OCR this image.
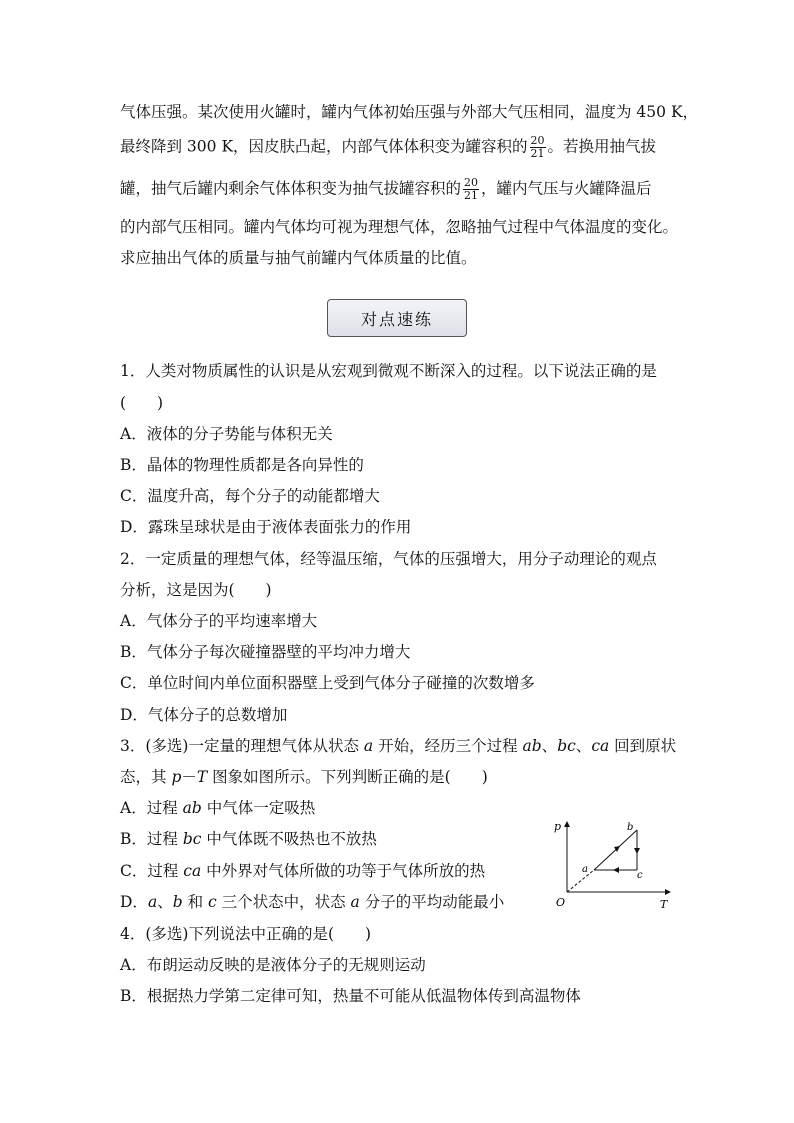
气体压强。某次使用火罐时，罐内气体初始压强与外部大气压相同，温度为 450 K，
最终降到 300 K，因皮肤凸起，内部气体体积变为罐容积的 $\frac{20}{21}$ 。若换用抽气拔
罐，抽气后罐内剩余气体体积变为抽气拔罐容积的 $\frac{20}{21}$ ，罐内气压与火罐降温后
的内部气压相同。罐内气体均可视为理想气体，忽略抽气过程中气体温度的变化。
求应抽出气体的质量与抽气前罐内气体质量的比值。
1．人类对物质属性的认识是从宏观到微观不断深入的过程。以下说法正确的是
(　　)
A．液体的分子势能与体积无关
B．晶体的物理性质都是各向异性的
C．温度升高，每个分子的动能都增大
D．露珠呈球状是由于液体表面张力的作用
2．一定质量的理想气体，经等温压缩，气体的压强增大，用分子动理论的观点
分析，这是因为(　　)
A．气体分子的平均速率增大
B．气体分子每次碰撞器壁的平均冲力增大
C．单位时间内单位面积器壁上受到气体分子碰撞的次数增多
D．气体分子的总数增加
3．(多选)一定量的理想气体从状态 a 开始，经历三个过程 ab、bc、ca 回到原状
态，其 p－T 图象如图所示。下列判断正确的是(　　)
A．过程 ab 中气体一定吸热
B．过程 bc 中气体既不吸热也不放热
C．过程 ca 中外界对气体所做的功等于气体所放的热
D．a、b 和 c 三个状态中，状态 a 分子的平均动能最小
4．(多选)下列说法中正确的是(　　)
A．布朗运动反映的是液体分子的无规则运动
B．根据热力学第二定律可知，热量不可能从低温物体传到高温物体
对点速练
p
T
O
a
b
c
